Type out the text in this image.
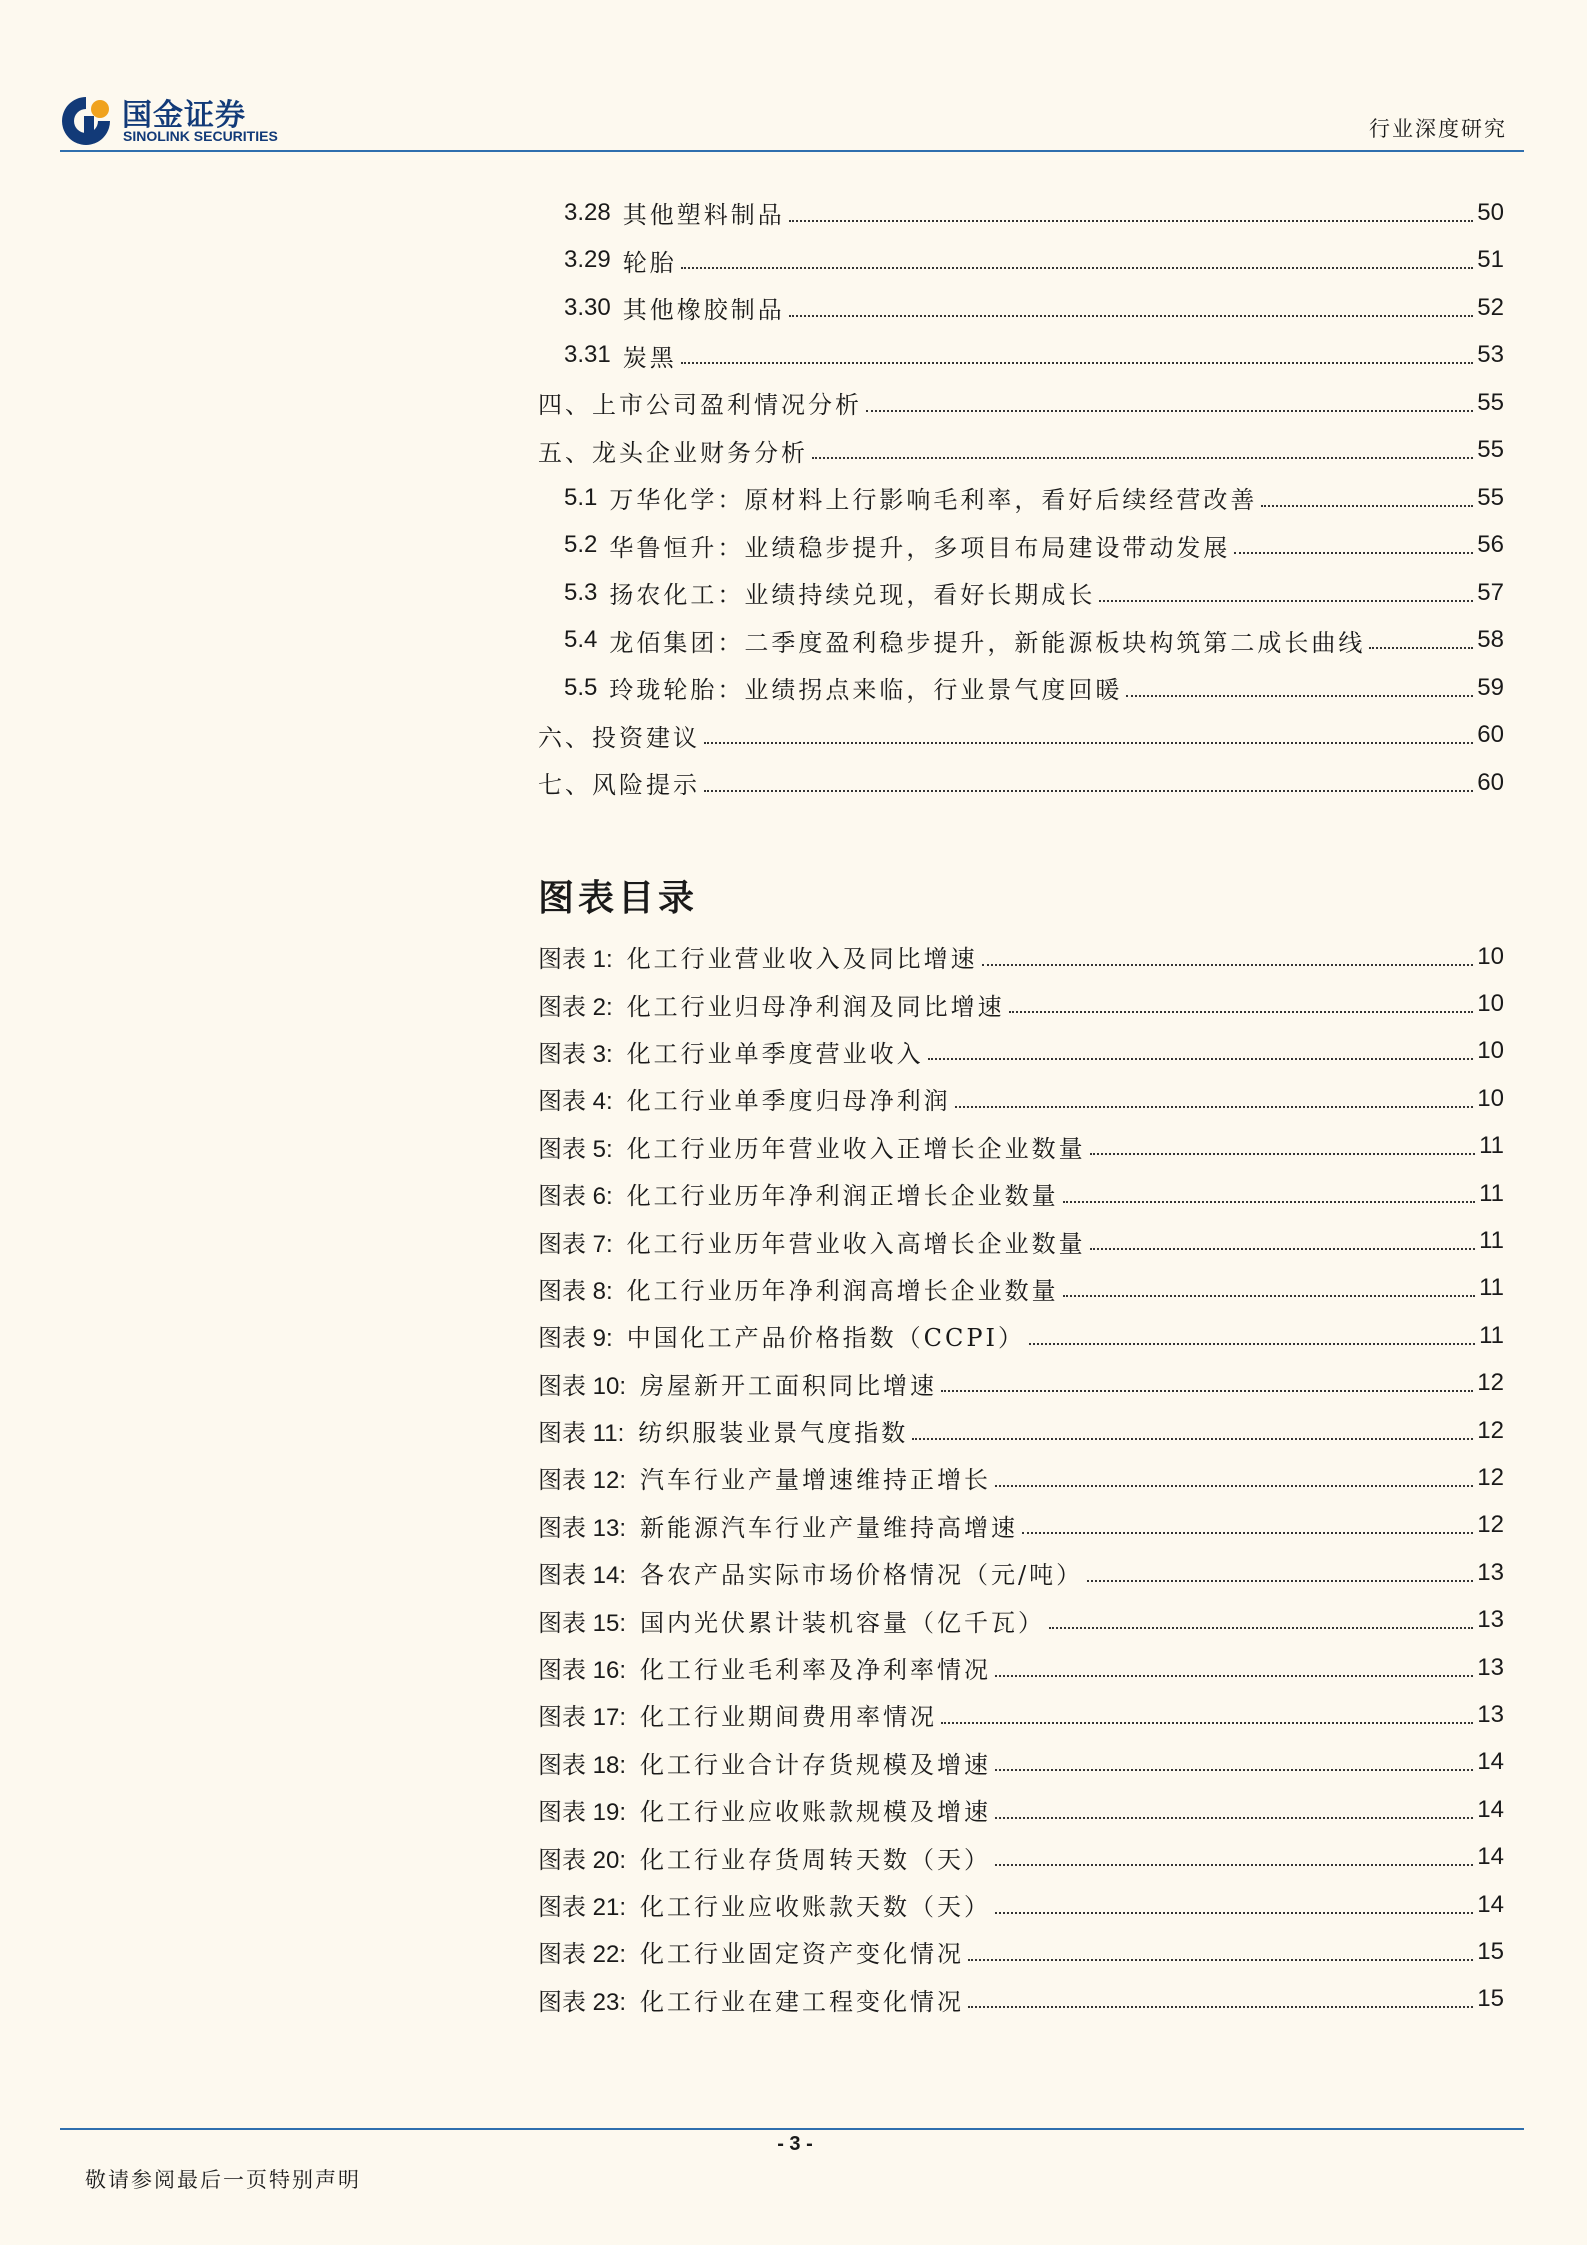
国金证券
SINOLINK SECURITIES	行业深度研究
3.28 其他塑料制品	50
3.29 轮胎	51
3.30 其他橡胶制品	52
3.31 炭黑	53
四、上市公司盈利情况分析	55
五、龙头企业财务分析	55
5.1 万华化学：原材料上行影响毛利率，看好后续经营改善	55
5.2 华鲁恒升：业绩稳步提升，多项目布局建设带动发展	56
5.3 扬农化工：业绩持续兑现，看好长期成长	57
5.4 龙佰集团：二季度盈利稳步提升，新能源板块构筑第二成长曲线	58
5.5 玲珑轮胎：业绩拐点来临，行业景气度回暖	59
六、投资建议	60
七、风险提示	60
图表目录
图表 1: 化工行业营业收入及同比增速	10
图表 2: 化工行业归母净利润及同比增速	10
图表 3: 化工行业单季度营业收入	10
图表 4: 化工行业单季度归母净利润	10
图表 5: 化工行业历年营业收入正增长企业数量	11
图表 6: 化工行业历年净利润正增长企业数量	11
图表 7: 化工行业历年营业收入高增长企业数量	11
图表 8: 化工行业历年净利润高增长企业数量	11
图表 9: 中国化工产品价格指数（CCPI）	11
图表 10: 房屋新开工面积同比增速	12
图表 11: 纺织服装业景气度指数	12
图表 12: 汽车行业产量增速维持正增长	12
图表 13: 新能源汽车行业产量维持高增速	12
图表 14: 各农产品实际市场价格情况（元/吨）	13
图表 15: 国内光伏累计装机容量（亿千瓦）	13
图表 16: 化工行业毛利率及净利率情况	13
图表 17: 化工行业期间费用率情况	13
图表 18: 化工行业合计存货规模及增速	14
图表 19: 化工行业应收账款规模及增速	14
图表 20: 化工行业存货周转天数（天）	14
图表 21: 化工行业应收账款天数（天）	14
图表 22: 化工行业固定资产变化情况	15
图表 23: 化工行业在建工程变化情况	15
- 3 -
敬请参阅最后一页特别声明
